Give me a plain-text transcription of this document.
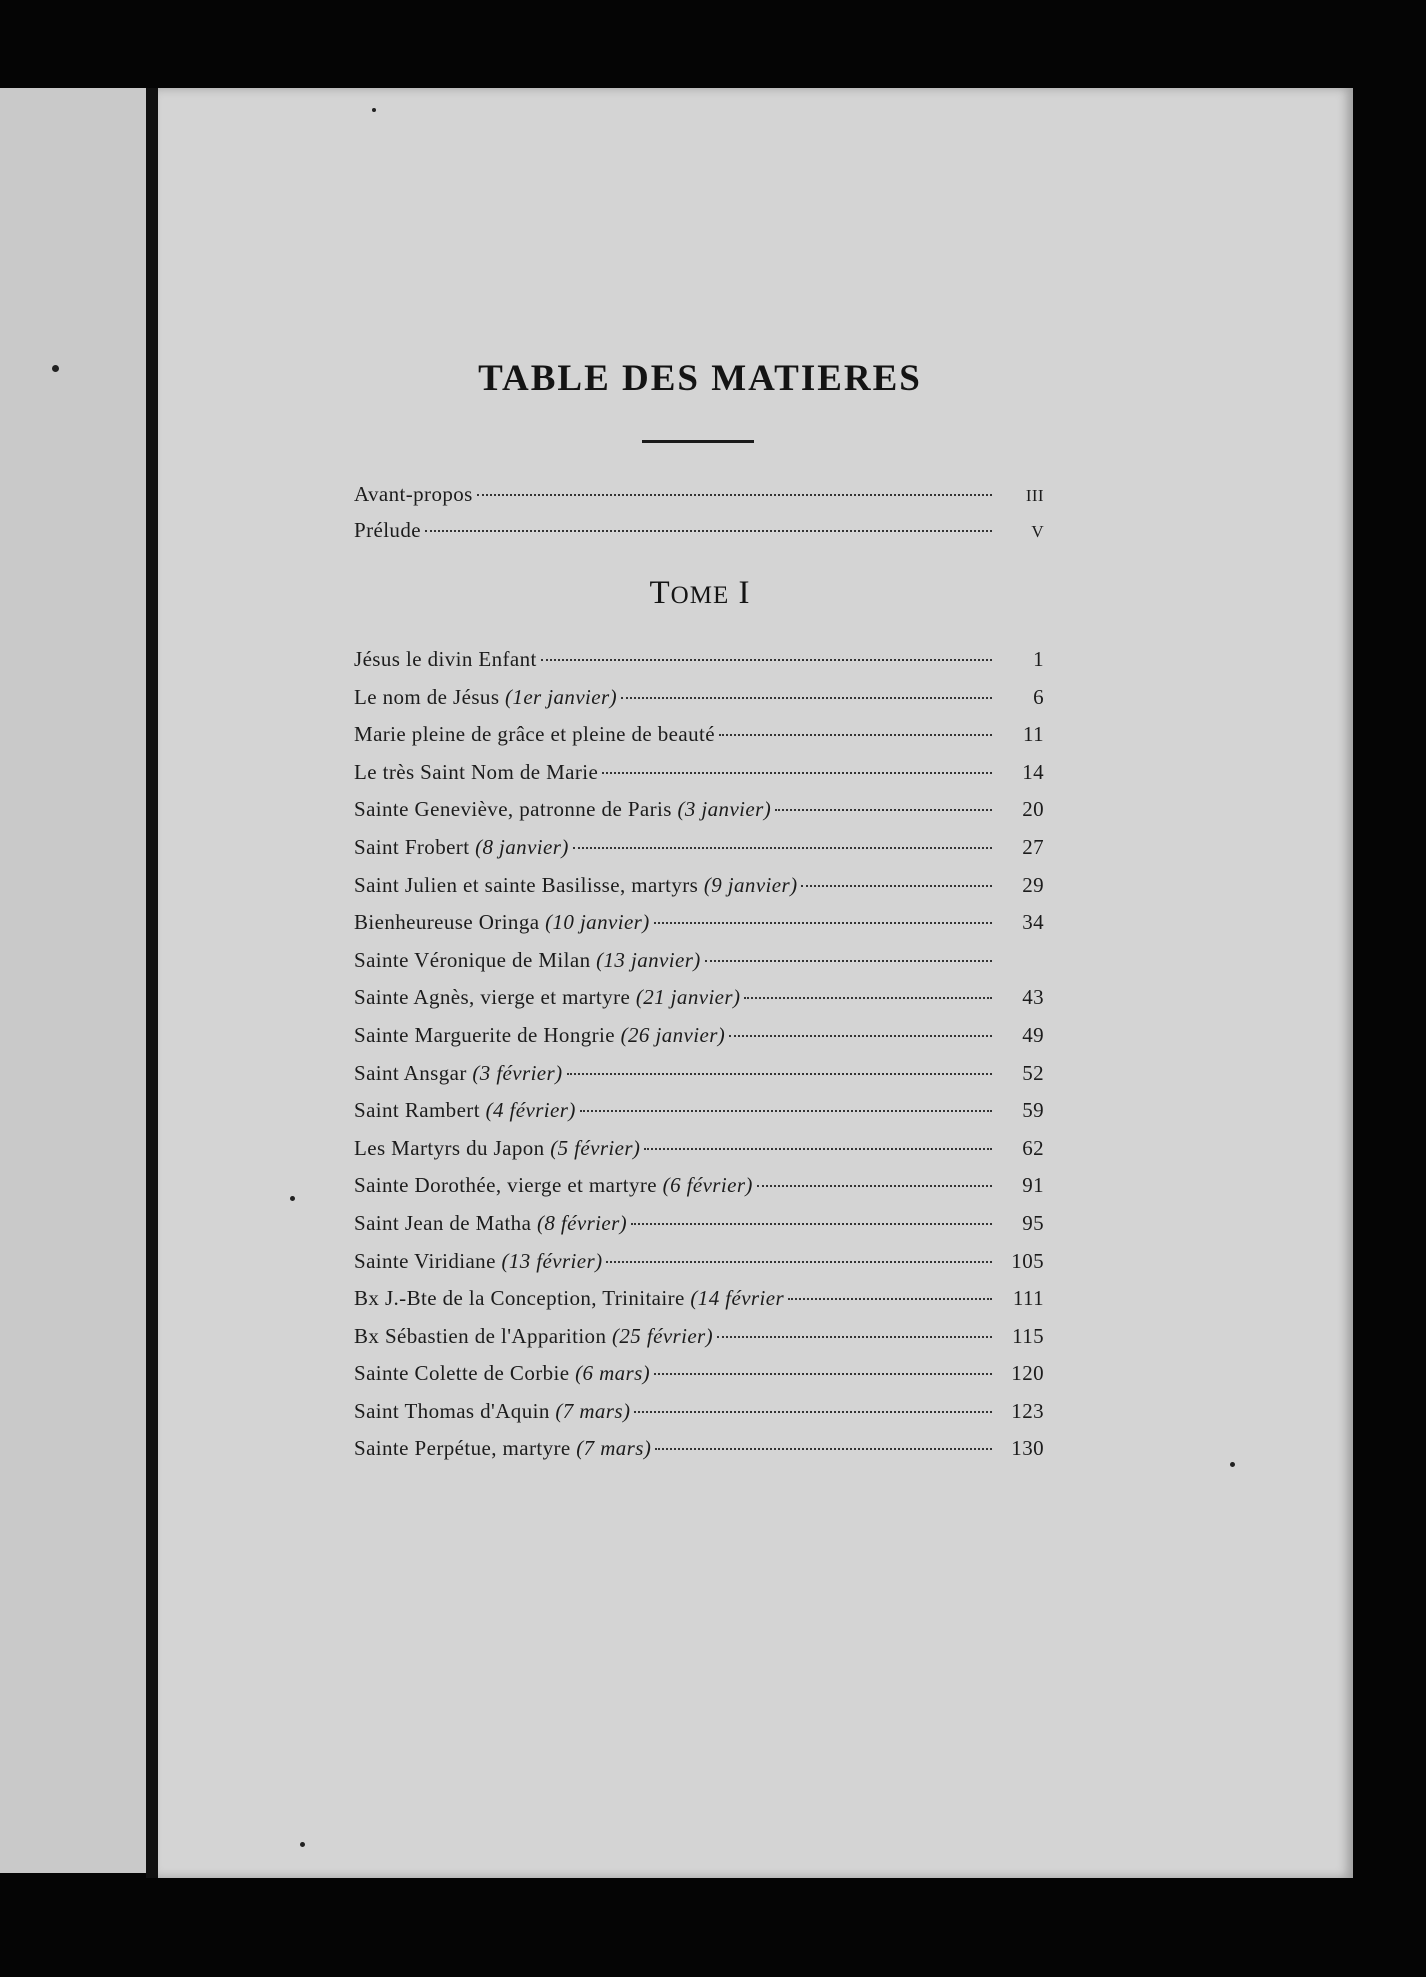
TABLE DES MATIERES
Avant-propos	III
Prélude	V
TOME I
Jésus le divin Enfant	1
Le nom de Jésus (1er janvier)	6
Marie pleine de grâce et pleine de beauté	11
Le très Saint Nom de Marie	14
Sainte Geneviève, patronne de Paris (3 janvier)	20
Saint Frobert (8 janvier)	27
Saint Julien et sainte Basilisse, martyrs (9 janvier)	29
Bienheureuse Oringa (10 janvier)	34
Sainte Véronique de Milan (13 janvier)
Sainte Agnès, vierge et martyre (21 janvier)	43
Sainte Marguerite de Hongrie (26 janvier)	49
Saint Ansgar (3 février)	52
Saint Rambert (4 février)	59
Les Martyrs du Japon (5 février)	62
Sainte Dorothée, vierge et martyre (6 février)	91
Saint Jean de Matha (8 février)	95
Sainte Viridiane (13 février)	105
Bx J.-Bte de la Conception, Trinitaire (14 février	111
Bx Sébastien de l'Apparition (25 février)	115
Sainte Colette de Corbie (6 mars)	120
Saint Thomas d'Aquin (7 mars)	123
Sainte Perpétue, martyre (7 mars)	130
